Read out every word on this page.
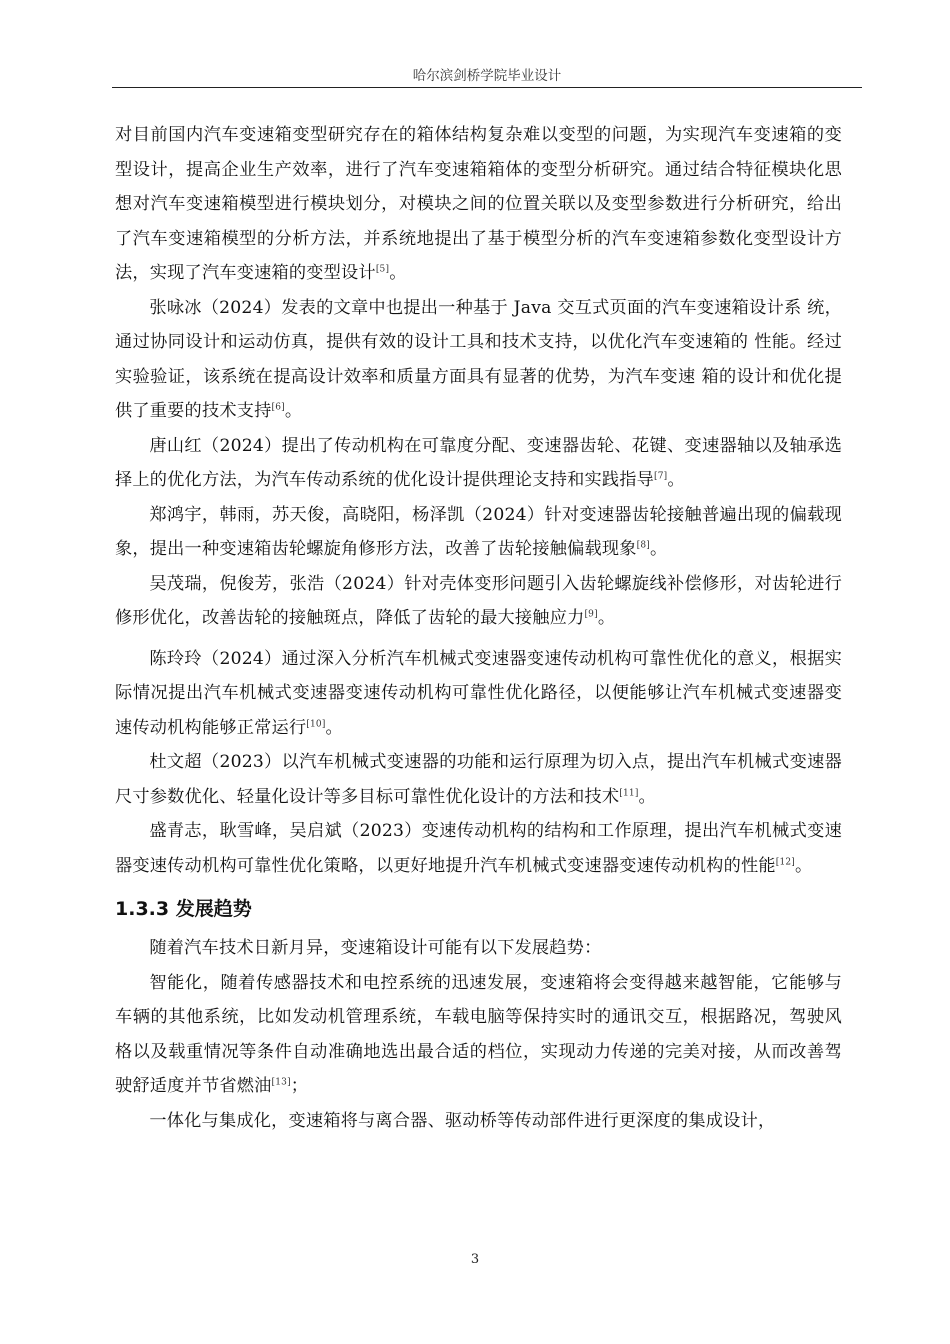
哈尔滨剑桥学院毕业设计

对目前国内汽车变速箱变型研究存在的箱体结构复杂难以变型的问题，为实现汽车变速箱的变型设计，提高企业生产效率，进行了汽车变速箱箱体的变型分析研究。通过结合特征模块化思想对汽车变速箱模型进行模块划分，对模块之间的位置关联以及变型参数进行分析研究，给出了汽车变速箱模型的分析方法，并系统地提出了基于模型分析的汽车变速箱参数化变型设计方法，实现了汽车变速箱的变型设计[5]。

张咏冰（2024）发表的文章中也提出一种基于 Java 交互式页面的汽车变速箱设计系 统，通过协同设计和运动仿真，提供有效的设计工具和技术支持，以优化汽车变速箱的 性能。经过实验验证，该系统在提高设计效率和质量方面具有显著的优势，为汽车变速 箱的设计和优化提供了重要的技术支持[6]。

唐山红（2024）提出了传动机构在可靠度分配、变速器齿轮、花键、变速器轴以及轴承选择上的优化方法，为汽车传动系统的优化设计提供理论支持和实践指导[7]。

郑鸿宇，韩雨，苏天俊，高晓阳，杨泽凯（2024）针对变速器齿轮接触普遍出现的偏载现象，提出一种变速箱齿轮螺旋角修形方法，改善了齿轮接触偏载现象[8]。

吴茂瑞，倪俊芳，张浩（2024）针对壳体变形问题引入齿轮螺旋线补偿修形，对齿轮进行修形优化，改善齿轮的接触斑点，降低了齿轮的最大接触应力[9]。

陈玲玲（2024）通过深入分析汽车机械式变速器变速传动机构可靠性优化的意义，根据实际情况提出汽车机械式变速器变速传动机构可靠性优化路径，以便能够让汽车机械式变速器变速传动机构能够正常运行[10]。

杜文超（2023）以汽车机械式变速器的功能和运行原理为切入点，提出汽车机械式变速器尺寸参数优化、轻量化设计等多目标可靠性优化设计的方法和技术[11]。

盛青志，耿雪峰，吴启斌（2023）变速传动机构的结构和工作原理，提出汽车机械式变速器变速传动机构可靠性优化策略，以更好地提升汽车机械式变速器变速传动机构的性能[12]。

1.3.3 发展趋势

随着汽车技术日新月异，变速箱设计可能有以下发展趋势：

智能化，随着传感器技术和电控系统的迅速发展，变速箱将会变得越来越智能，它能够与车辆的其他系统，比如发动机管理系统，车载电脑等保持实时的通讯交互，根据路况，驾驶风格以及载重情况等条件自动准确地选出最合适的档位，实现动力传递的完美对接，从而改善驾驶舒适度并节省燃油[13]；

一体化与集成化，变速箱将与离合器、驱动桥等传动部件进行更深度的集成设计，

3
